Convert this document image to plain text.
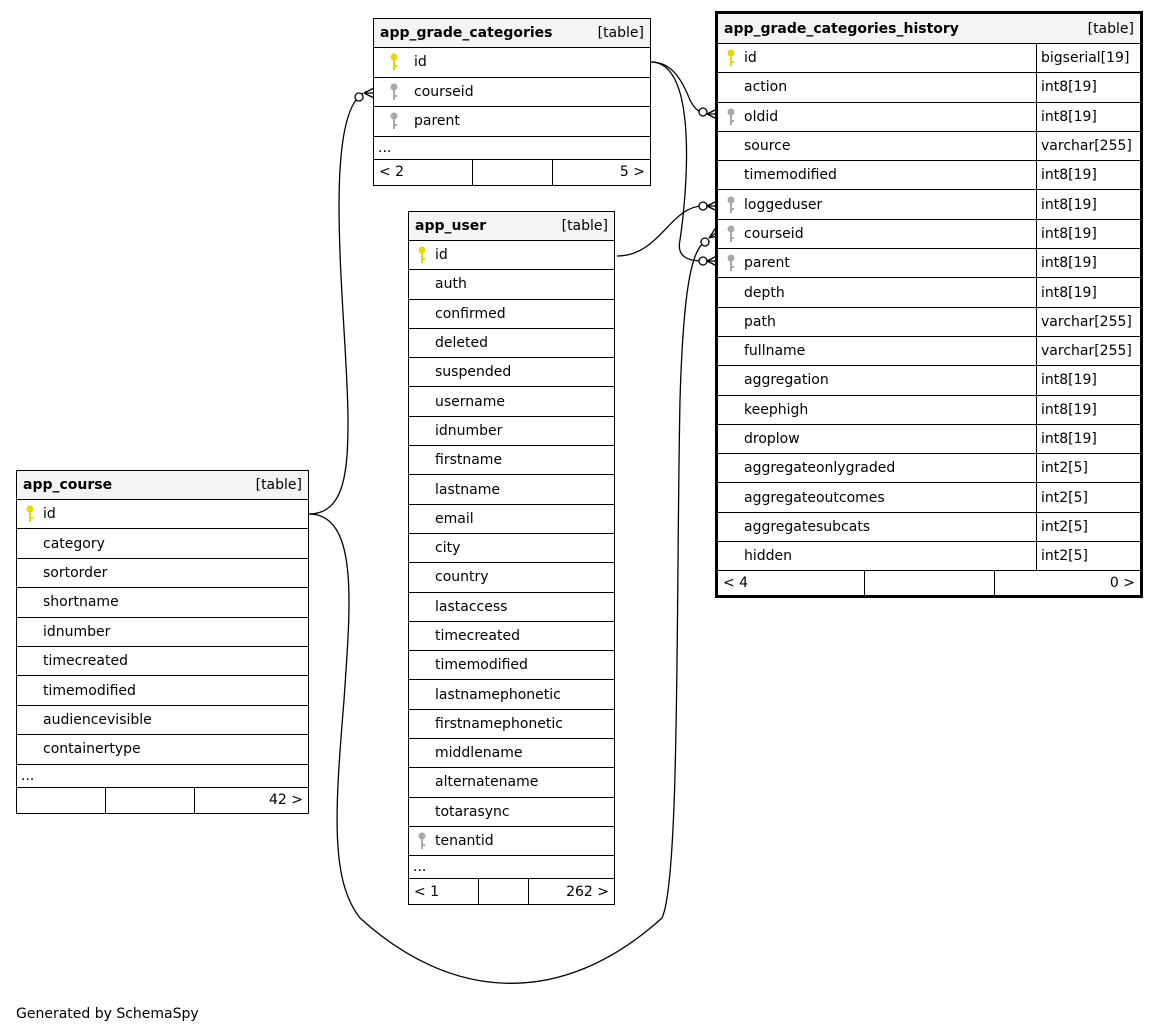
app_grade_categories	[table]
id
courseid
parent
...
< 2	5 >
app_user	[table]
id
auth
confirmed
deleted
suspended
username
idnumber
firstname
lastname
email
city
country
lastaccess
timecreated
timemodified
lastnamephonetic
firstnamephonetic
middlename
alternatename
totarasync
tenantid
...
< 1	262 >
app_course	[table]
id
category
sortorder
shortname
idnumber
timecreated
timemodified
audiencevisible
containertype
...
42 >
app_grade_categories_history	[table]
id	bigserial[19]
action	int8[19]
oldid	int8[19]
source	varchar[255]
timemodified	int8[19]
loggeduser	int8[19]
courseid	int8[19]
parent	int8[19]
depth	int8[19]
path	varchar[255]
fullname	varchar[255]
aggregation	int8[19]
keephigh	int8[19]
droplow	int8[19]
aggregateonlygraded	int2[5]
aggregateoutcomes	int2[5]
aggregatesubcats	int2[5]
hidden	int2[5]
< 4	0 >
Generated by SchemaSpy
